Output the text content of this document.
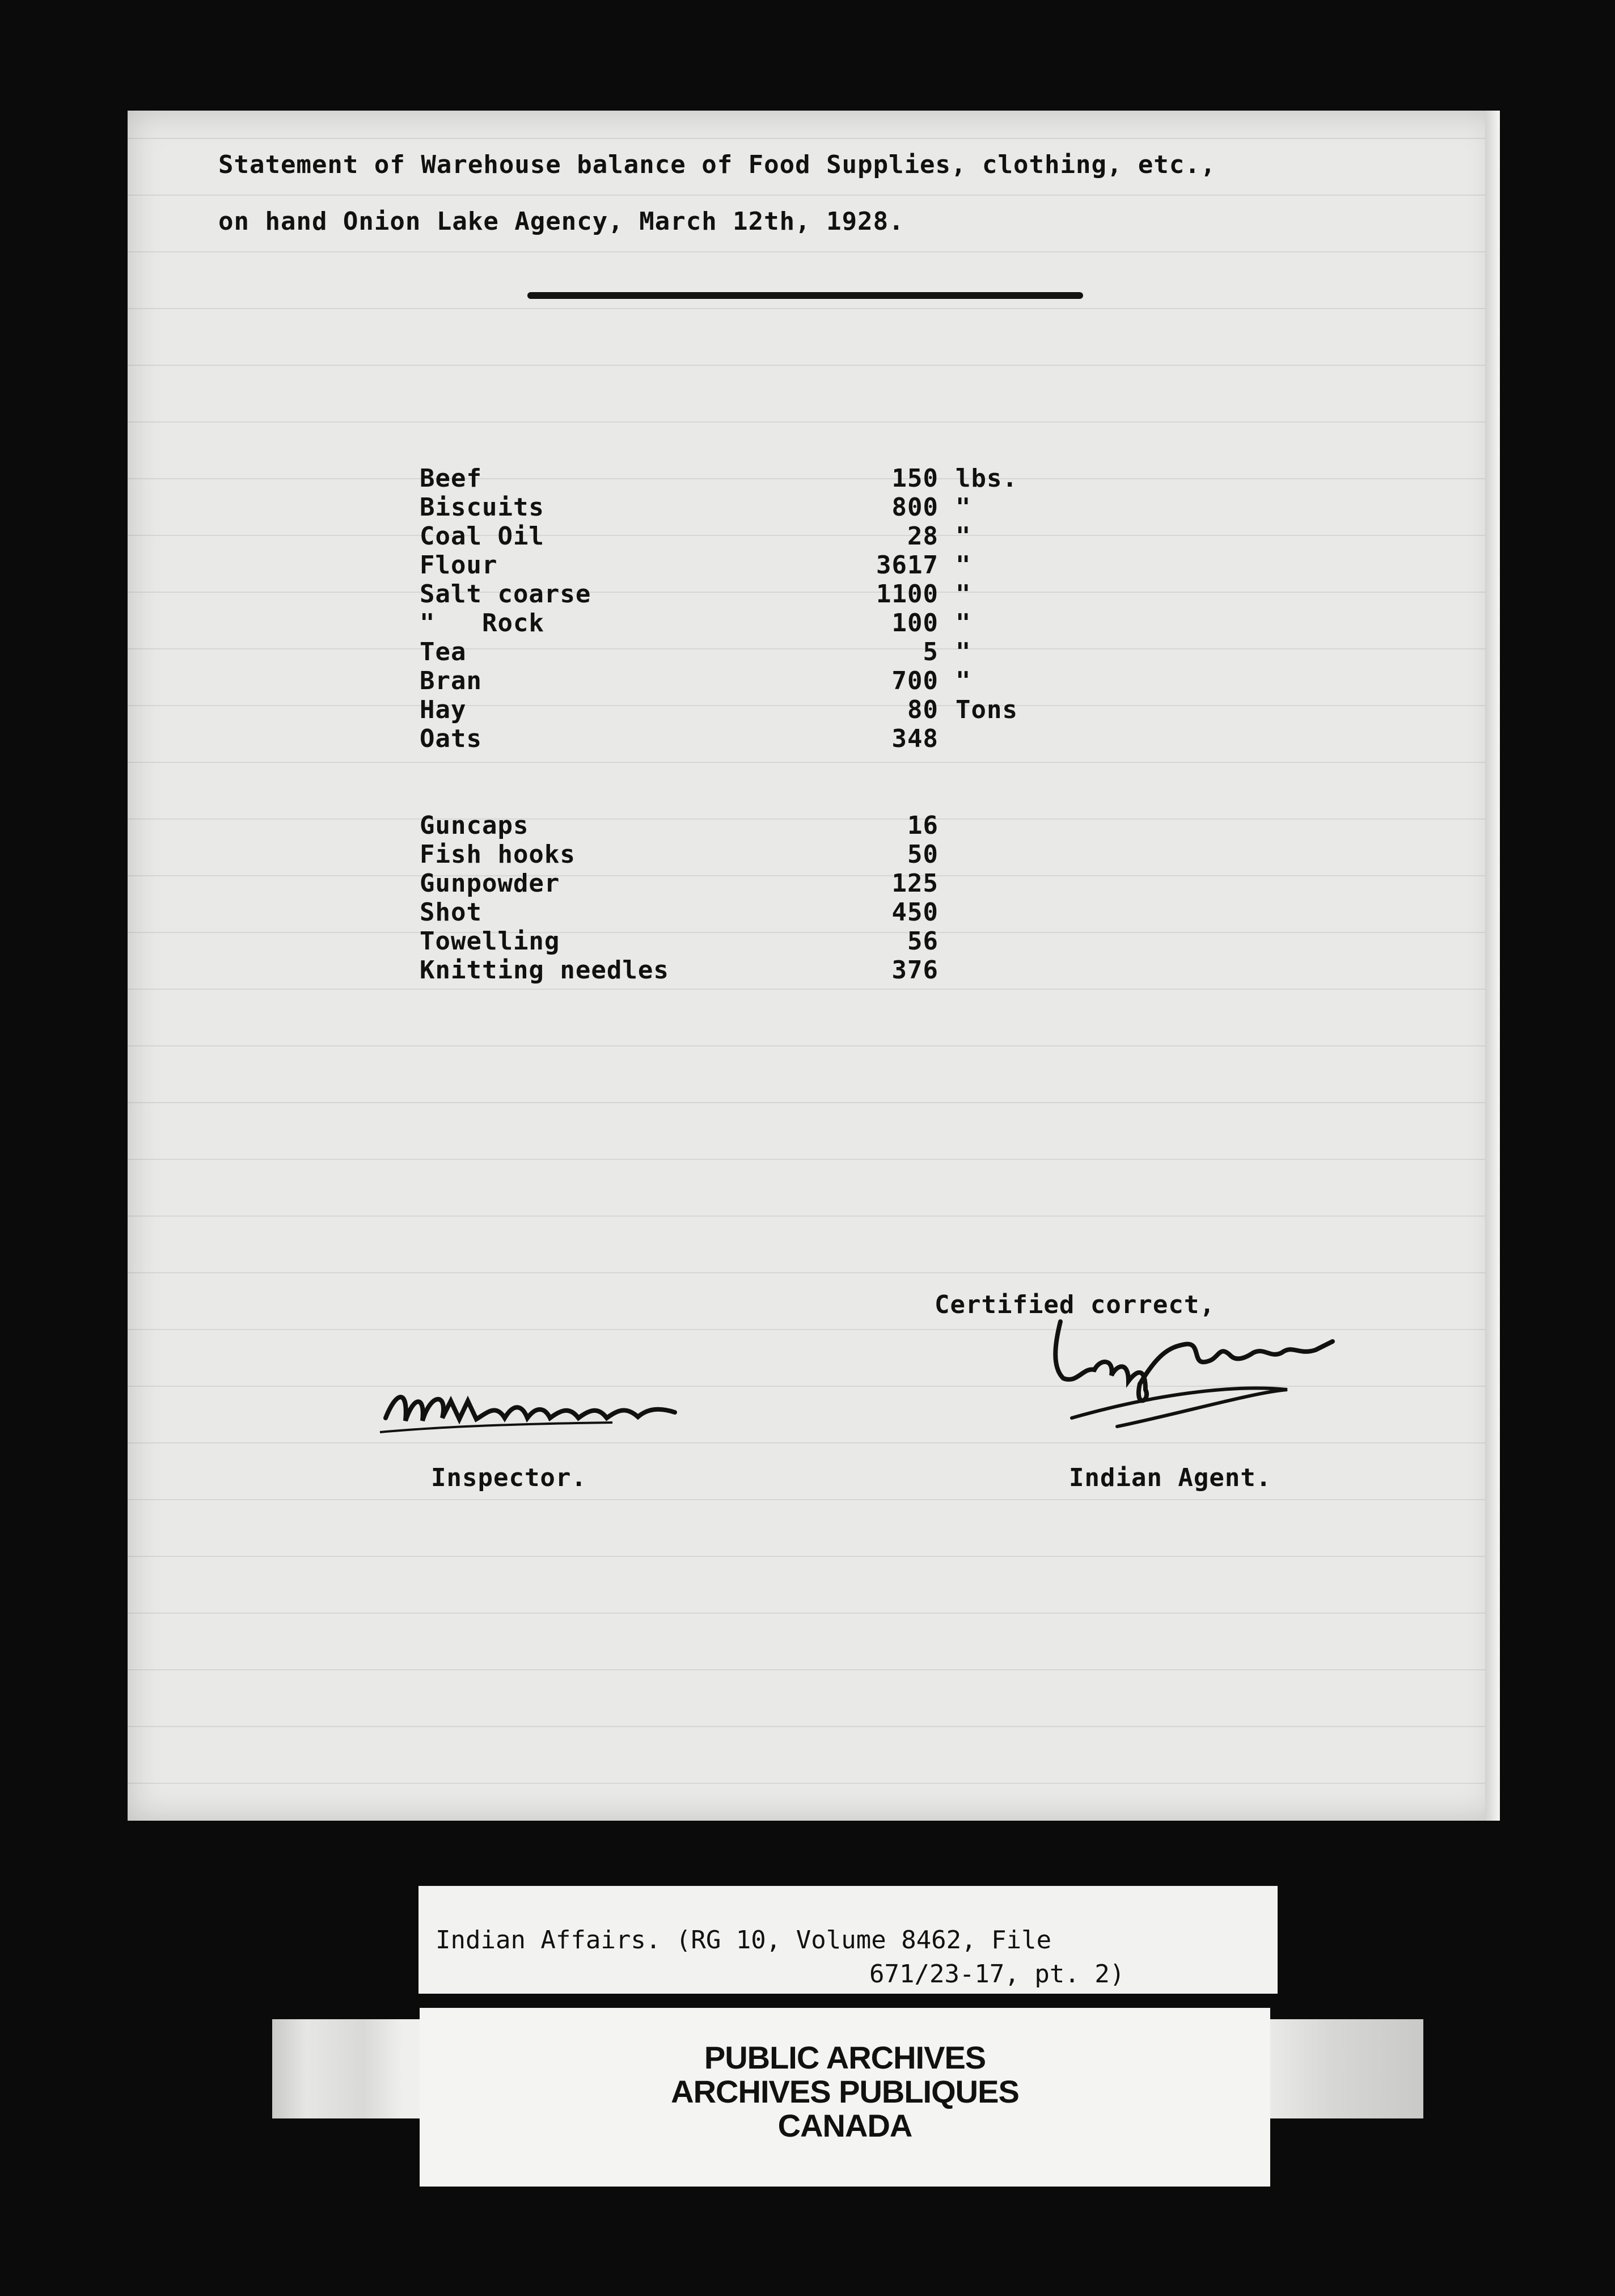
Statement of Warehouse balance of Food Supplies, clothing, etc.,
on hand Onion Lake Agency, March 12th, 1928.
Beef	150 lbs.
Biscuits	800 "
Coal Oil	28 "
Flour	3617 "
Salt coarse	1100 "
"   Rock	100 "
Tea	5 "
Bran	700 "
Hay	80 Tons
Oats	348
Guncaps	16
Fish hooks	50
Gunpowder	125
Shot	450
Towelling	56
Knitting needles	376
Certified correct,
Inspector.	Indian Agent.
Indian Affairs. (RG 10, Volume 8462, File
671/23-17, pt. 2)
PUBLIC ARCHIVES
ARCHIVES PUBLIQUES
CANADA
